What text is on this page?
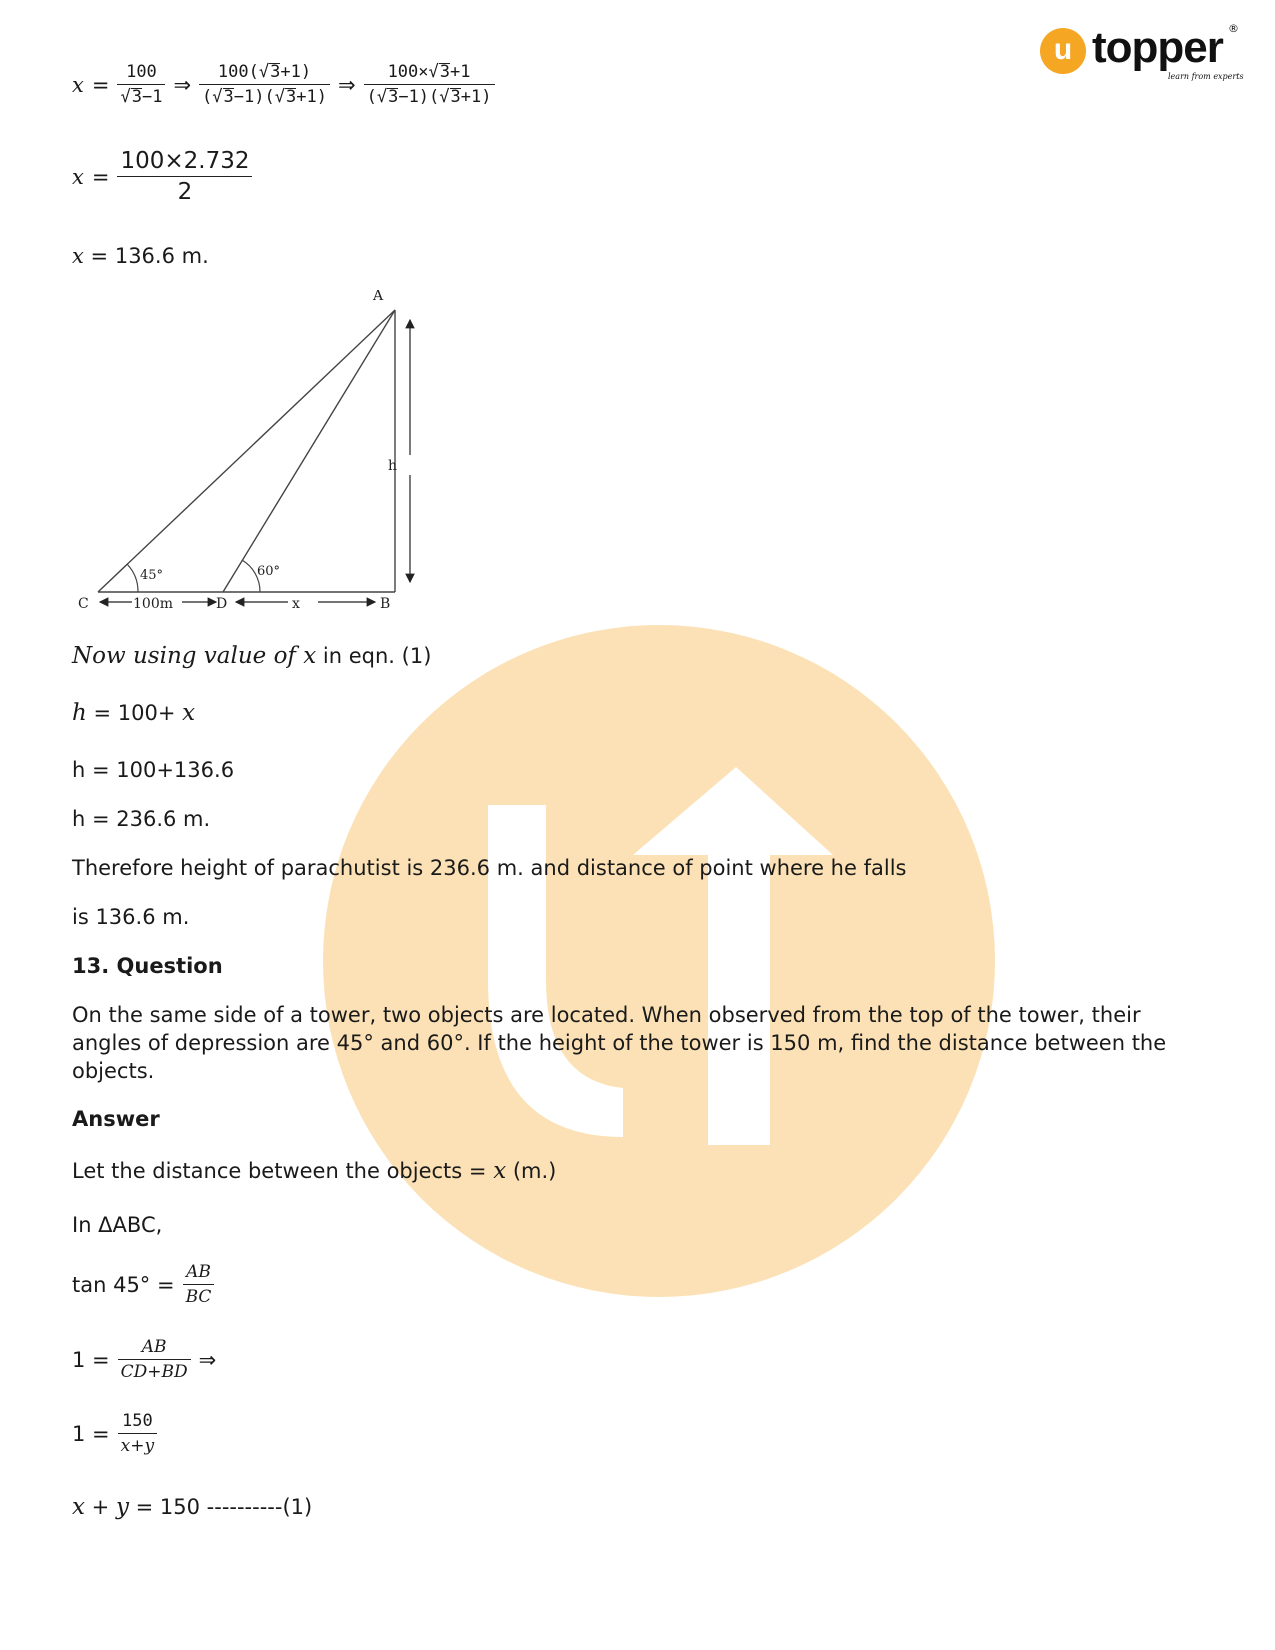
u topper ®
learn from experts
$x = \frac{100}{√3-1}$ ⇒ $\frac{100(√3+1)}{(√3-1)(√3+1)}$ ⇒ $\frac{100\times√3+1}{(√3-1)(√3+1)}$
$x = \frac{100\times 2.732}{2}$
x = 136.6 m.
A
B
C	D
h
x
100m
45°	60°
Now using value of x in eqn. (1)
h = 100+ x
h = 100+136.6
h = 236.6 m.
Therefore height of parachutist is 236.6 m. and distance of point where he falls
is 136.6 m.
13. Question
On the same side of a tower, two objects are located. When observed from the top of the tower, their angles of depression are 45° and 60°. If the height of the tower is 150 m, find the distance between the objects.
Answer
Let the distance between the objects = x (m.)
In ΔABC,
$\tan 45^\circ = \frac{AB}{BC}$
$1 = \frac{AB}{CD+BD}$ ⇒
$1 = \frac{150}{x+y}$
x + y = 150 ----------(1)
